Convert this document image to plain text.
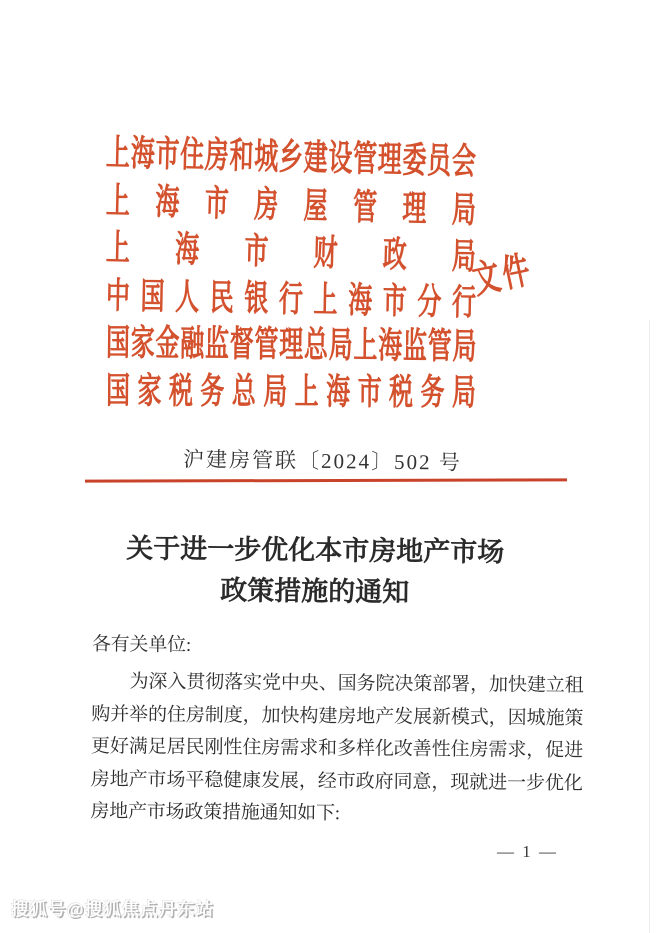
上海市住房和城乡建设管理委员会
上海市房屋管理局
上海市财政局
中国人民银行上海市分行
国家金融监督管理总局上海监管局
国家税务总局上海市税务局
文件
沪建房管联〔2024〕502 号
关于进一步优化本市房地产市场
政策措施的通知
各有关单位:
为深入贯彻落实党中央、国务院决策部署，加快建立租购并举的住房制度，加快构建房地产发展新模式，因城施策更好满足居民刚性住房需求和多样化改善性住房需求，促进房地产市场平稳健康发展，经市政府同意，现就进一步优化房地产市场政策措施通知如下:
— 1 —
搜狐号@搜狐焦点丹东站
